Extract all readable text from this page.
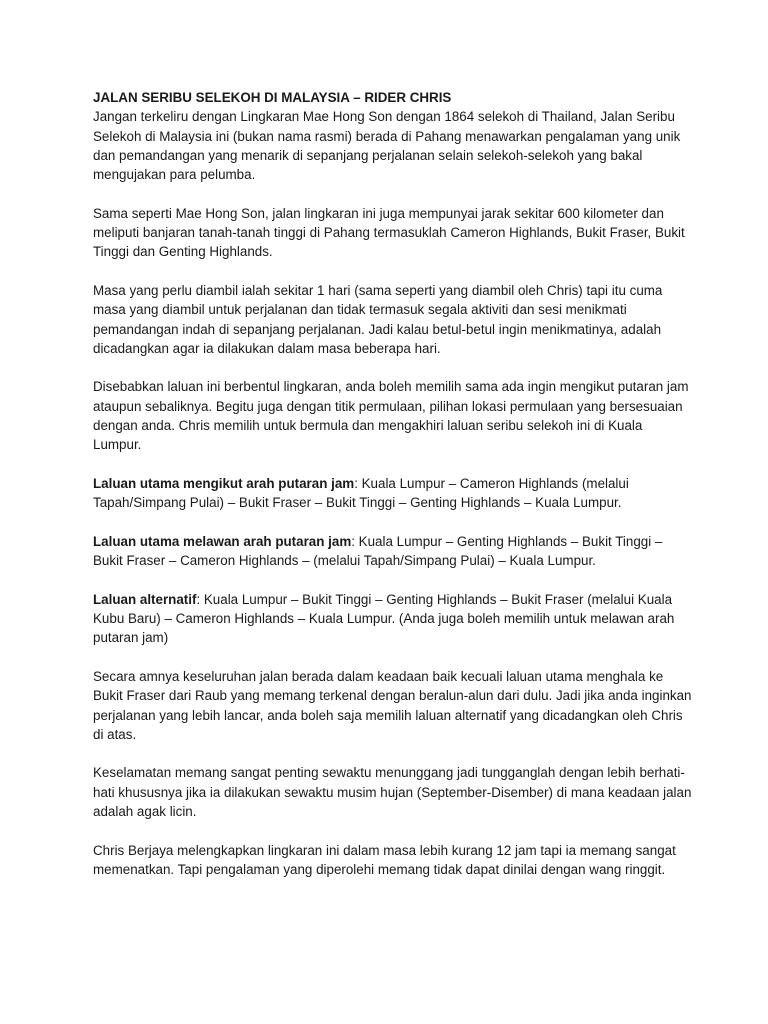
JALAN SERIBU SELEKOH DI MALAYSIA – RIDER CHRIS

Jangan terkeliru dengan Lingkaran Mae Hong Son dengan 1864 selekoh di Thailand, Jalan Seribu Selekoh di Malaysia ini (bukan nama rasmi) berada di Pahang menawarkan pengalaman yang unik dan pemandangan yang menarik di sepanjang perjalanan selain selekoh-selekoh yang bakal mengujakan para pelumba.

Sama seperti Mae Hong Son, jalan lingkaran ini juga mempunyai jarak sekitar 600 kilometer dan meliputi banjaran tanah-tanah tinggi di Pahang termasuklah Cameron Highlands, Bukit Fraser, Bukit Tinggi dan Genting Highlands.

Masa yang perlu diambil ialah sekitar 1 hari (sama seperti yang diambil oleh Chris) tapi itu cuma masa yang diambil untuk perjalanan dan tidak termasuk segala aktiviti dan sesi menikmati pemandangan indah di sepanjang perjalanan. Jadi kalau betul-betul ingin menikmatinya, adalah dicadangkan agar ia dilakukan dalam masa beberapa hari.

Disebabkan laluan ini berbentul lingkaran, anda boleh memilih sama ada ingin mengikut putaran jam ataupun sebaliknya. Begitu juga dengan titik permulaan, pilihan lokasi permulaan yang bersesuaian dengan anda. Chris memilih untuk bermula dan mengakhiri laluan seribu selekoh ini di Kuala Lumpur.

Laluan utama mengikut arah putaran jam: Kuala Lumpur – Cameron Highlands (melalui Tapah/Simpang Pulai) – Bukit Fraser – Bukit Tinggi – Genting Highlands – Kuala Lumpur.

Laluan utama melawan arah putaran jam: Kuala Lumpur – Genting Highlands – Bukit Tinggi – Bukit Fraser – Cameron Highlands – (melalui Tapah/Simpang Pulai) – Kuala Lumpur.

Laluan alternatif: Kuala Lumpur – Bukit Tinggi – Genting Highlands – Bukit Fraser (melalui Kuala Kubu Baru) – Cameron Highlands – Kuala Lumpur. (Anda juga boleh memilih untuk melawan arah putaran jam)

Secara amnya keseluruhan jalan berada dalam keadaan baik kecuali laluan utama menghala ke Bukit Fraser dari Raub yang memang terkenal dengan beralun-alun dari dulu. Jadi jika anda inginkan perjalanan yang lebih lancar, anda boleh saja memilih laluan alternatif yang dicadangkan oleh Chris di atas.

Keselamatan memang sangat penting sewaktu menunggang jadi tungganglah dengan lebih berhati-hati khususnya jika ia dilakukan sewaktu musim hujan (September-Disember) di mana keadaan jalan adalah agak licin.

Chris Berjaya melengkapkan lingkaran ini dalam masa lebih kurang 12 jam tapi ia memang sangat memenatkan. Tapi pengalaman yang diperolehi memang tidak dapat dinilai dengan wang ringgit.
